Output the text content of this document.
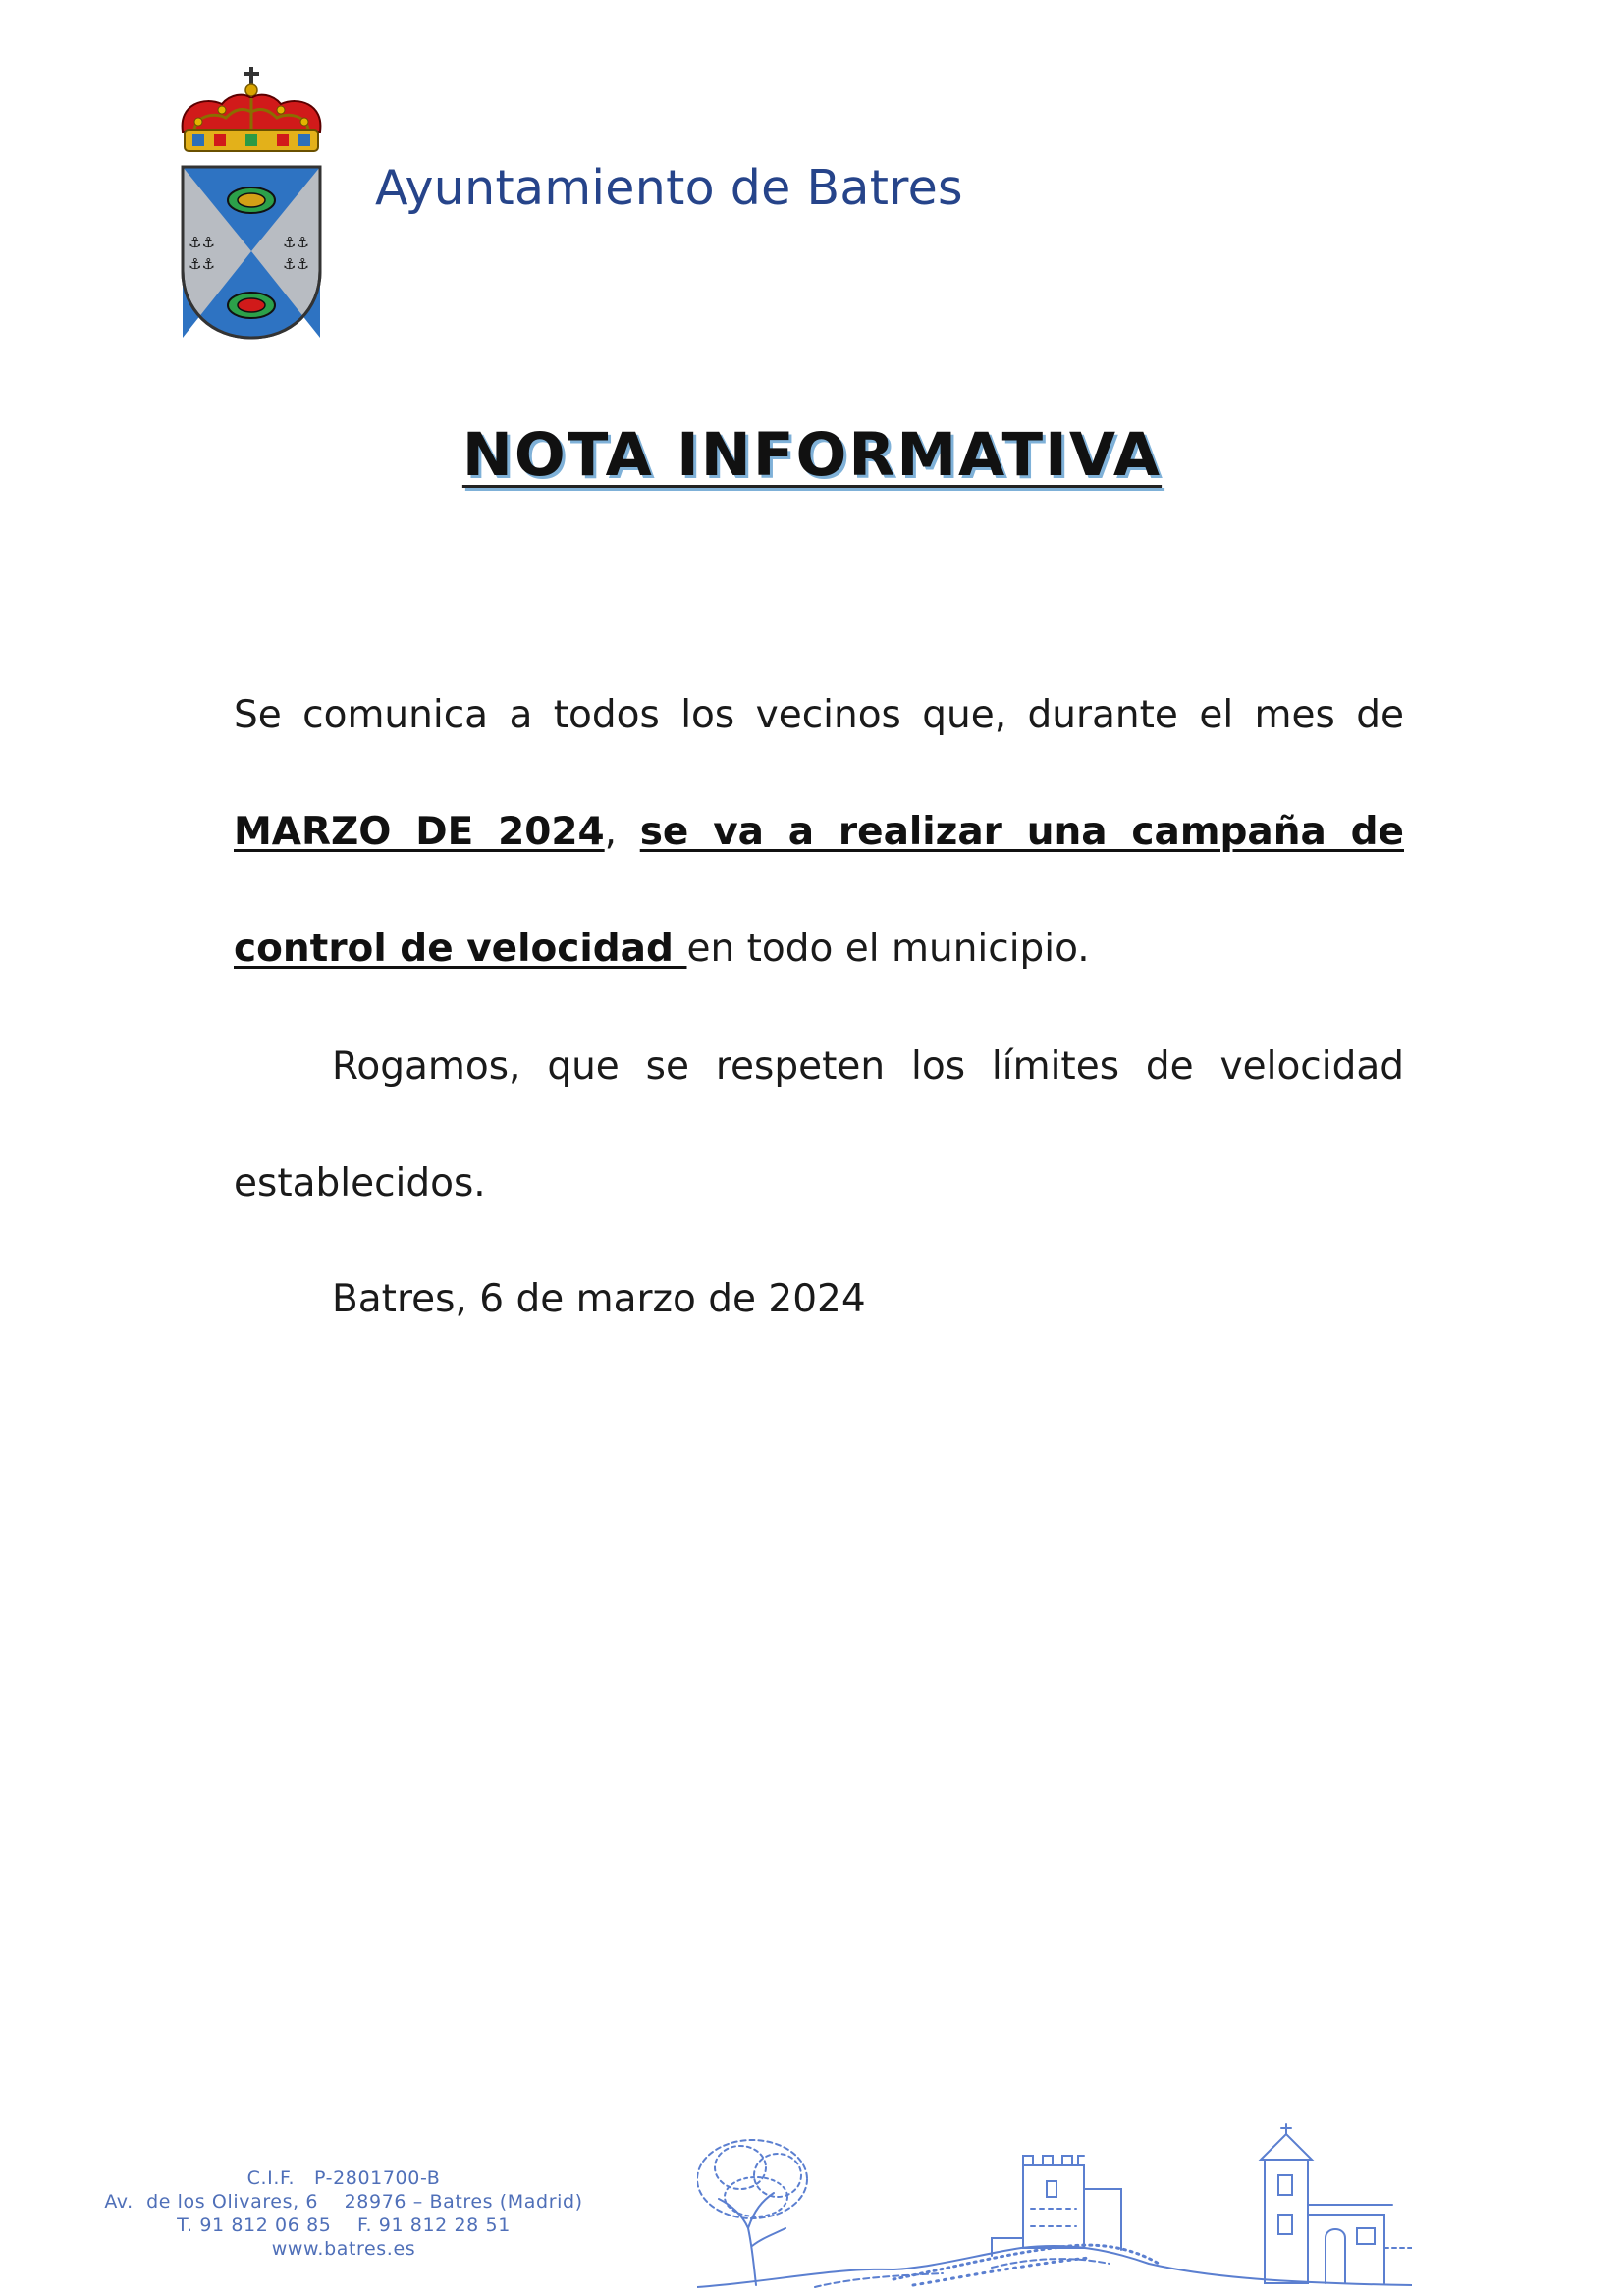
⚓⚓
⚓⚓
⚓⚓
⚓⚓
Ayuntamiento de Batres
NOTA INFORMATIVA
Se comunica a todos los vecinos que, durante el mes de MARZO DE 2024, se va a realizar una campaña de control de velocidad en todo el municipio.
Rogamos, que se respeten los límites de velocidad establecidos.
Batres, 6 de marzo de 2024
C.I.F.   P-2801700-B
Av.  de los Olivares, 6    28976 – Batres (Madrid)
T. 91 812 06 85    F. 91 812 28 51
www.batres.es
